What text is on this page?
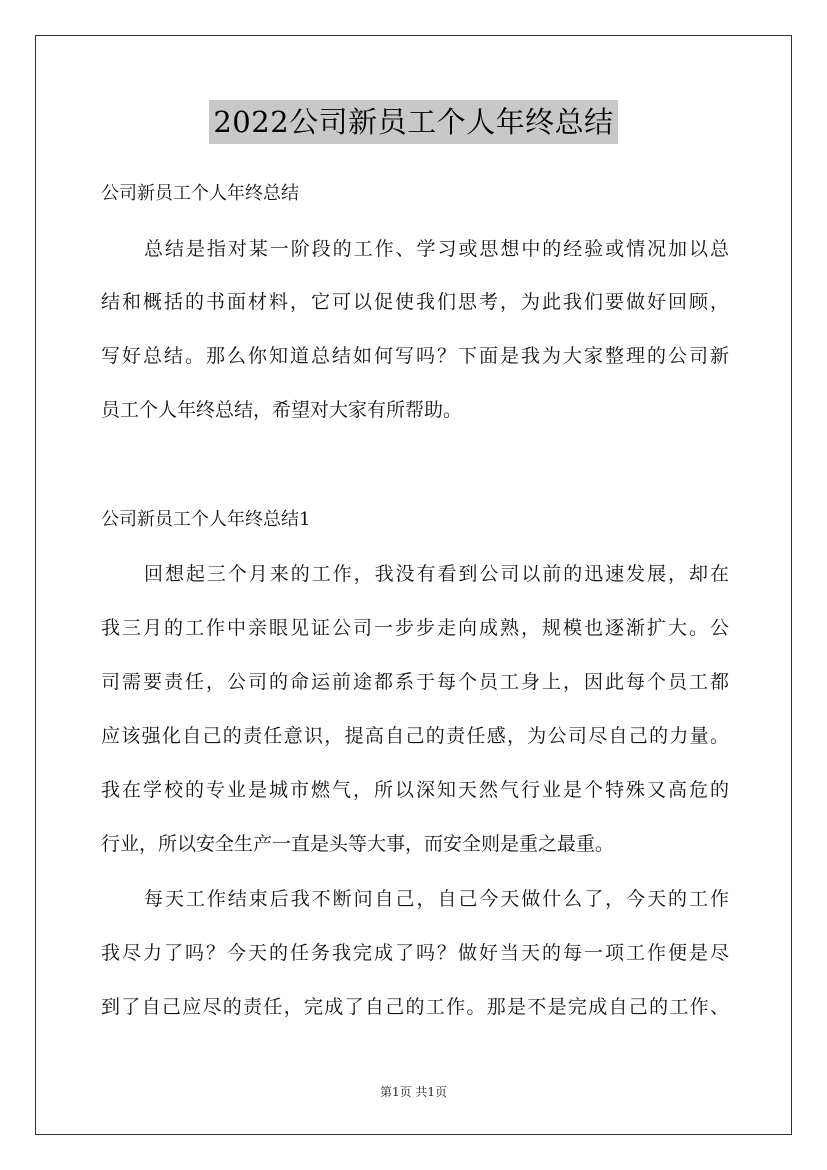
2022公司新员工个人年终总结
公司新员工个人年终总结
总结是指对某一阶段的工作、学习或思想中的经验或情况加以总
结和概括的书面材料，它可以促使我们思考，为此我们要做好回顾，
写好总结。那么你知道总结如何写吗？下面是我为大家整理的公司新
员工个人年终总结，希望对大家有所帮助。
公司新员工个人年终总结1
回想起三个月来的工作，我没有看到公司以前的迅速发展，却在
我三月的工作中亲眼见证公司一步步走向成熟，规模也逐渐扩大。公
司需要责任，公司的命运前途都系于每个员工身上，因此每个员工都
应该强化自己的责任意识，提高自己的责任感，为公司尽自己的力量。
我在学校的专业是城市燃气，所以深知天然气行业是个特殊又高危的
行业，所以安全生产一直是头等大事，而安全则是重之最重。
每天工作结束后我不断问自己，自己今天做什么了，今天的工作
我尽力了吗？今天的任务我完成了吗？做好当天的每一项工作便是尽
到了自己应尽的责任，完成了自己的工作。那是不是完成自己的工作、
第1页 共1页
